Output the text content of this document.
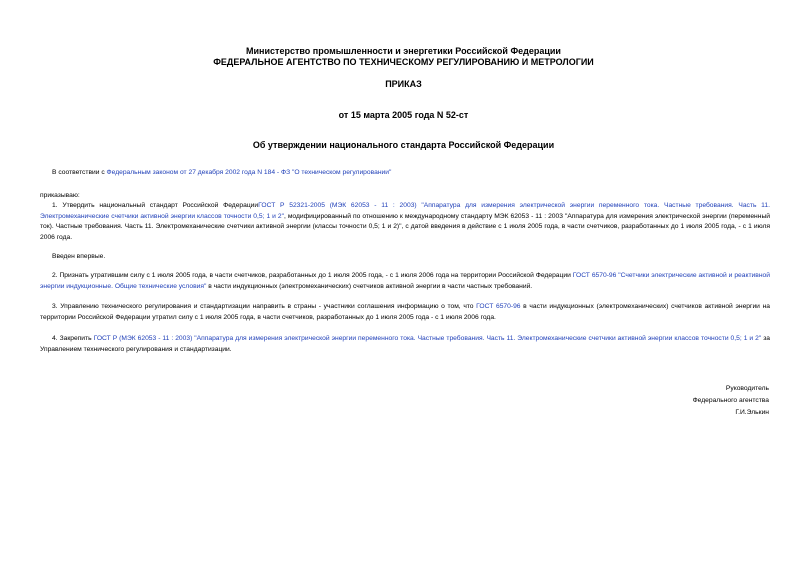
Министерство промышленности и энергетики Российской Федерации
ФЕДЕРАЛЬНОЕ АГЕНТСТВО ПО ТЕХНИЧЕСКОМУ РЕГУЛИРОВАНИЮ И МЕТРОЛОГИИ
ПРИКАЗ
от 15 марта 2005 года N 52-ст
Об утверждении национального стандарта Российской Федерации

В соответствии с Федеральным законом от 27 декабря 2002 года N 184 - ФЗ "О техническом регулировании"

приказываю:

1. Утвердить национальный стандарт Российской ФедерацииГОСТ Р 52321-2005 (МЭК 62053 - 11 : 2003) "Аппаратура для измерения электрической энергии переменного тока. Частные требования. Часть 11. Электромеханические счетчики активной энергии классов точности 0,5; 1 и 2", модифицированный по отношению к международному стандарту МЭК 62053 - 11 : 2003 "Аппаратура для измерения электрической энергии (переменный ток). Частные требования. Часть 11. Электромеханические счетчики активной энергии (классы точности 0,5; 1 и 2)", с датой введения в действие с 1 июля 2005 года, в части счетчиков, разработанных до 1 июля 2005 года, - с 1 июля 2006 года.

Введен впервые.

2. Признать утратившим силу с 1 июля 2005 года, в части счетчиков, разработанных до 1 июля 2005 года, - с 1 июля 2006 года на территории Российской Федерации ГОСТ 6570-96 "Счетчики электрические активной и реактивной энергии индукционные. Общие технические условия" в части индукционных (электромеханических) счетчиков активной энергии в части частных требований.

3. Управлению технического регулирования и стандартизации направить в страны - участники соглашения информацию о том, что ГОСТ 6570-96 в части индукционных (электромеханических) счетчиков активной энергии на территории Российской Федерации утратил силу с 1 июля 2005 года, в части счетчиков, разработанных до 1 июля 2005 года - с 1 июля 2006 года.

4. Закрепить ГОСТ Р (МЭК 62053 - 11 : 2003) "Аппаратура для измерения электрической энергии переменного тока. Частные требования. Часть 11. Электромеханические счетчики активной энергии классов точности 0,5; 1 и 2" за Управлением технического регулирования и стандартизации.

Руководитель
Федерального агентства
Г.И.Элькин
